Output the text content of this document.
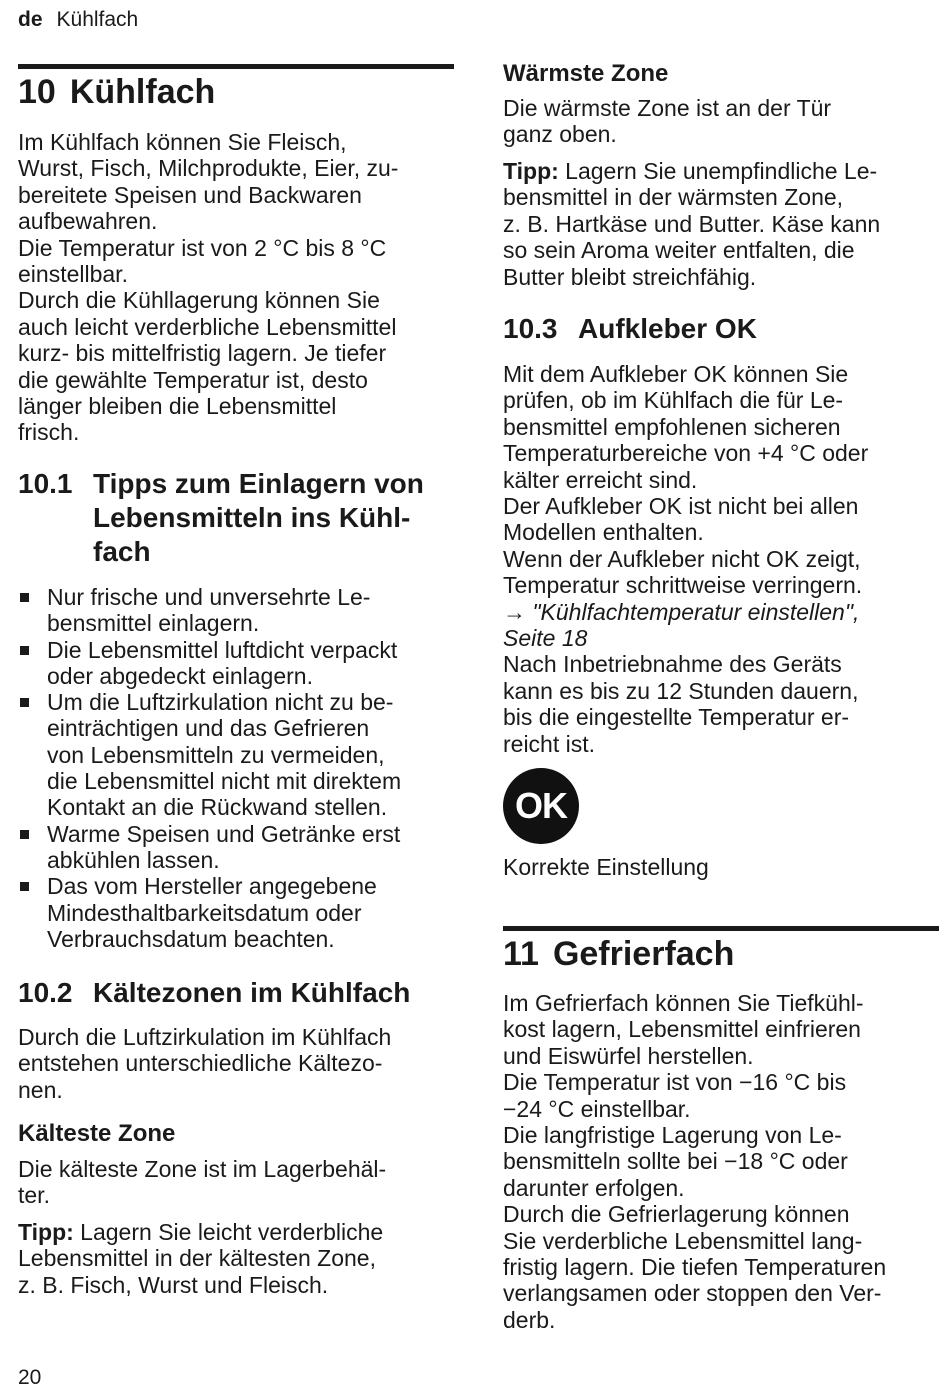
de Kühlfach
10 Kühlfach
Im Kühlfach können Sie Fleisch,
Wurst, Fisch, Milchprodukte, Eier, zu-
bereitete Speisen und Backwaren
aufbewahren.
Die Temperatur ist von 2 °C bis 8 °C
einstellbar.
Durch die Kühllagerung können Sie
auch leicht verderbliche Lebensmittel
kurz- bis mittelfristig lagern. Je tiefer
die gewählte Temperatur ist, desto
länger bleiben die Lebensmittel
frisch.
10.1 Tipps zum Einlagern von
Lebensmitteln ins Kühl-
fach
Nur frische und unversehrte Le-
bensmittel einlagern.
Die Lebensmittel luftdicht verpackt
oder abgedeckt einlagern.
Um die Luftzirkulation nicht zu be-
einträchtigen und das Gefrieren
von Lebensmitteln zu vermeiden,
die Lebensmittel nicht mit direktem
Kontakt an die Rückwand stellen.
Warme Speisen und Getränke erst
abkühlen lassen.
Das vom Hersteller angegebene
Mindesthaltbarkeitsdatum oder
Verbrauchsdatum beachten.
10.2 Kältezonen im Kühlfach
Durch die Luftzirkulation im Kühlfach
entstehen unterschiedliche Kältezo-
nen.
Kälteste Zone
Die kälteste Zone ist im Lagerbehäl-
ter.
Tipp: Lagern Sie leicht verderbliche
Lebensmittel in der kältesten Zone,
z. B. Fisch, Wurst und Fleisch.
20
Wärmste Zone
Die wärmste Zone ist an der Tür
ganz oben.
Tipp: Lagern Sie unempfindliche Le-
bensmittel in der wärmsten Zone,
z. B. Hartkäse und Butter. Käse kann
so sein Aroma weiter entfalten, die
Butter bleibt streichfähig.
10.3 Aufkleber OK
Mit dem Aufkleber OK können Sie
prüfen, ob im Kühlfach die für Le-
bensmittel empfohlenen sicheren
Temperaturbereiche von +4 °C oder
kälter erreicht sind.
Der Aufkleber OK ist nicht bei allen
Modellen enthalten.
Wenn der Aufkleber nicht OK zeigt,
Temperatur schrittweise verringern.
→ "Kühlfachtemperatur einstellen",
Seite 18
Nach Inbetriebnahme des Geräts
kann es bis zu 12 Stunden dauern,
bis die eingestellte Temperatur er-
reicht ist.
OK
Korrekte Einstellung
11 Gefrierfach
Im Gefrierfach können Sie Tiefkühl-
kost lagern, Lebensmittel einfrieren
und Eiswürfel herstellen.
Die Temperatur ist von −16 °C bis
−24 °C einstellbar.
Die langfristige Lagerung von Le-
bensmitteln sollte bei −18 °C oder
darunter erfolgen.
Durch die Gefrierlagerung können
Sie verderbliche Lebensmittel lang-
fristig lagern. Die tiefen Temperaturen
verlangsamen oder stoppen den Ver-
derb.
